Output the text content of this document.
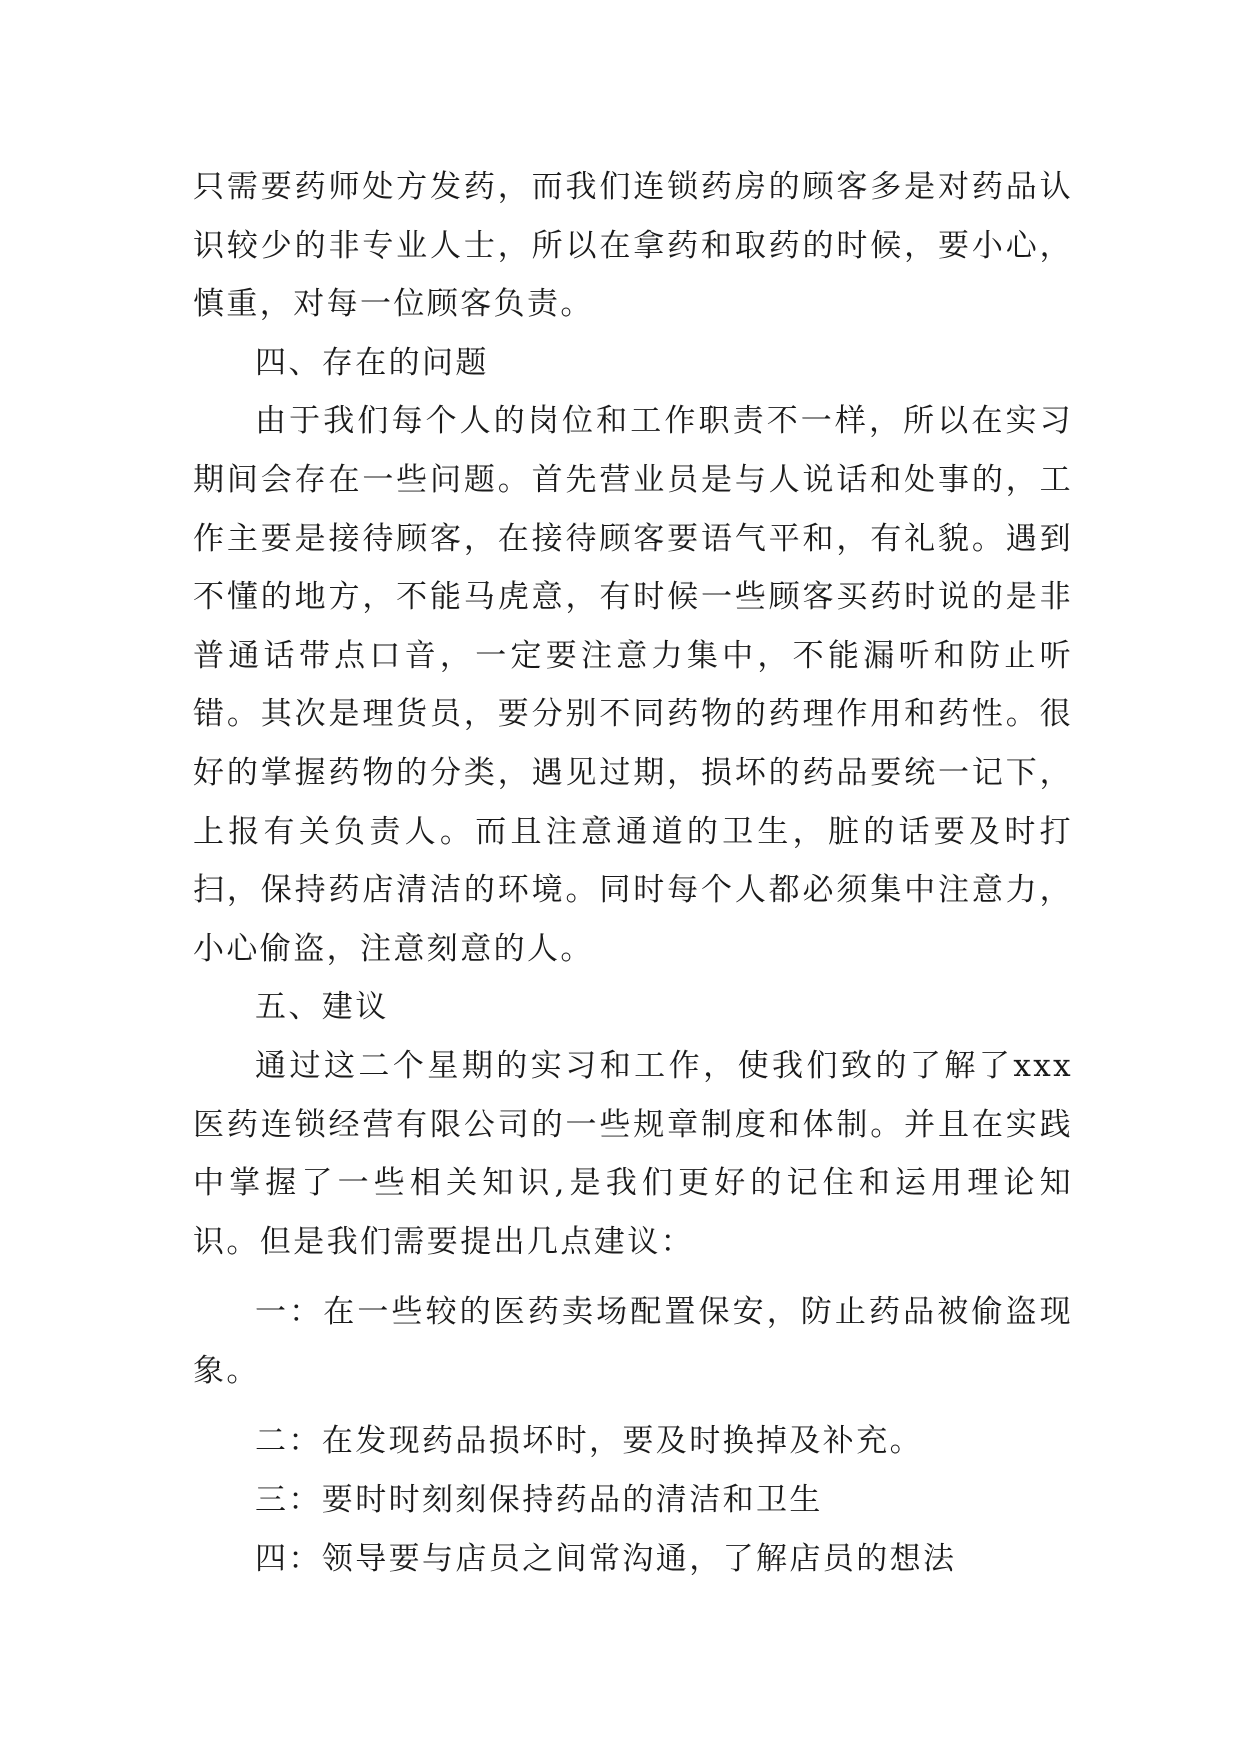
只需要药师处方发药，而我们连锁药房的顾客多是对药品认识较少的非专业人士，所以在拿药和取药的时候，要小心，慎重，对每一位顾客负责。

四、存在的问题

由于我们每个人的岗位和工作职责不一样，所以在实习期间会存在一些问题。首先营业员是与人说话和处事的，工作主要是接待顾客，在接待顾客要语气平和，有礼貌。遇到不懂的地方，不能马虎意，有时候一些顾客买药时说的是非普通话带点口音，一定要注意力集中，不能漏听和防止听错。其次是理货员，要分别不同药物的药理作用和药性。很好的掌握药物的分类，遇见过期，损坏的药品要统一记下，上报有关负责人。而且注意通道的卫生，脏的话要及时打扫，保持药店清洁的环境。同时每个人都必须集中注意力，小心偷盗，注意刻意的人。

五、建议

通过这二个星期的实习和工作，使我们致的了解了xxx医药连锁经营有限公司的一些规章制度和体制。并且在实践中掌握了一些相关知识,是我们更好的记住和运用理论知识。但是我们需要提出几点建议：

一：在一些较的医药卖场配置保安，防止药品被偷盗现象。

二：在发现药品损坏时，要及时换掉及补充。

三：要时时刻刻保持药品的清洁和卫生

四：领导要与店员之间常沟通，了解店员的想法
